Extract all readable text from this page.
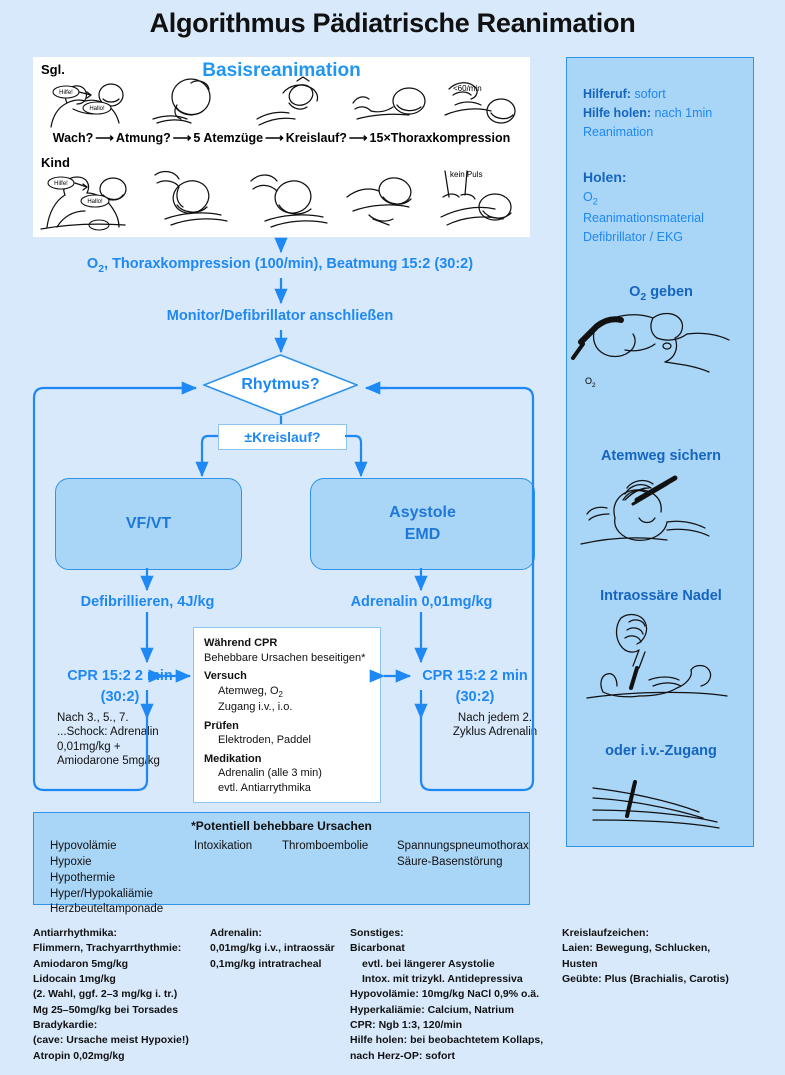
Algorithmus Pädiatrische Reanimation
Basisreanimation
Sgl.
Kind
<60/min
kein Puls
Hilfe!
Hallo!
Wach? ⟶ Atmung? ⟶ 5 Atemzüge ⟶ Kreislauf? ⟶ 15×Thoraxkompression
Hilfe!
Hallo!
$O_2$, Thoraxkompression (100/min), Beatmung 15:2 (30:2)
Monitor/Defibrillator anschließen
Rhytmus?
±Kreislauf?
VF/VT
Asystole
EMD
Defibrillieren, 4J/kg	Adrenalin 0,01mg/kg
CPR 15:2 2 min
(30:2)
Nach 3., 5., 7. ...Schock: Adrenalin 0,01mg/kg + Amiodarone 5mg/kg
CPR 15:2 2 min
(30:2)
Nach jedem 2. Zyklus Adrenalin
Während CPR
Behebbare Ursachen beseitigen*
Versuch
Atemweg, $O_2$
Zugang i.v., i.o.
Prüfen
Elektroden, Paddel
Medikation
Adrenalin (alle 3 min)
evtl. Antiarrythmika
*Potentiell behebbare Ursachen
Hypovolämie
Hypoxie
Hypothermie
Hyper/Hypokaliämie
Herzbeuteltamponade
Intoxikation	Thromboembolie Spannungspneumothorax
Säure-Basenstörung
Antiarrhythmika:
Flimmern, Trachyarrthythmie:
Amiodaron 5mg/kg
Lidocain 1mg/kg
(2. Wahl, ggf. 2–3 mg/kg i. tr.)
Mg 25–50mg/kg bei Torsades
Bradykardie:
(cave: Ursache meist Hypoxie!)
Atropin 0,02mg/kg
Adrenalin:
0,01mg/kg i.v., intraossär
0,1mg/kg intratracheal
Sonstiges:
Bicarbonat
evtl. bei längerer Asystolie
Intox. mit trizykl. Antidepressiva
Hypovolämie: 10mg/kg NaCl 0,9% o.ä.
Hyperkaliämie: Calcium, Natrium
CPR: Ngb 1:3, 120/min
Hilfe holen: bei beobachtetem Kollaps, nach Herz-OP: sofort
Kreislaufzeichen:
Laien: Bewegung, Schlucken,
Husten
Geübte: Plus (Brachialis, Carotis)
Hilferuf: sofort
Hilfe holen: nach 1min
Reanimation
Holen:
$O_2$
Reanimationsmaterial
Defibrillator / EKG
$O_2$ geben
$O_2$
Atemweg sichern
Intraossäre Nadel
oder i.v.-Zugang
